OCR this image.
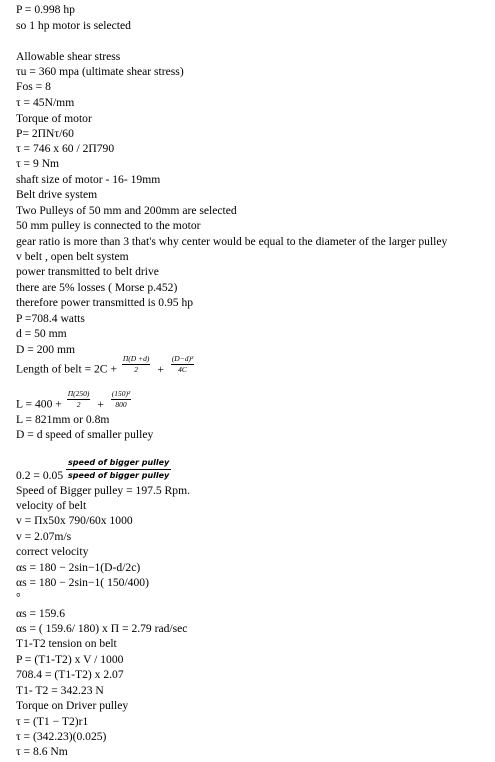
P = 0.998 hp
so 1 hp motor is selected
Allowable shear stress
τu = 360 mpa (ultimate shear stress)
Fos = 8
τ = 45N/mm
Torque of motor
P= 2ΠNτ/60
τ = 746 x 60 / 2Π790
τ = 9 Nm
shaft size of motor - 16- 19mm
Belt drive system
Two Pulleys of 50 mm and 200mm are selected
50 mm pulley is connected to the motor
gear ratio is more than 3 that's why center would be equal to the diameter of the larger pulley
v belt , open belt system
power transmitted to belt drive
there are 5% losses ( Morse p.452)
therefore power transmitted is 0.95 hp
P =708.4 watts
d = 50 mm
D = 200 mm
Length of belt = $2C + \frac{\Pi(D +d)}{2} + \frac{\text{(D−d)²}}{4C}$
$L = 400 + \frac{\Pi(250)}{2} + \frac{\text{(150)²}}{800}$
L = 821mm or 0.8m
D = d speed of smaller pulley
$0.2 = 0.05 \frac{\text{speed of bigger pulley}}{\text{speed of bigger pulley}}$
Speed of Bigger pulley = 197.5 Rpm.
velocity of belt
v = Πx50x 790/60x 1000
v = 2.07m/s
correct velocity
αs = 180 − 2sin−1(D-d/2c)
αs = 180 − 2sin−1( 150/400)
°
αs = 159.6
αs = ( 159.6/ 180) x Π = 2.79 rad/sec
T1-T2 tension on belt
P = (T1-T2) x V / 1000
708.4 = (T1-T2) x 2.07
T1- T2 = 342.23 N
Torque on Driver pulley
τ = (T1 − T2)r1
τ = (342.23)(0.025)
τ = 8.6 Nm
